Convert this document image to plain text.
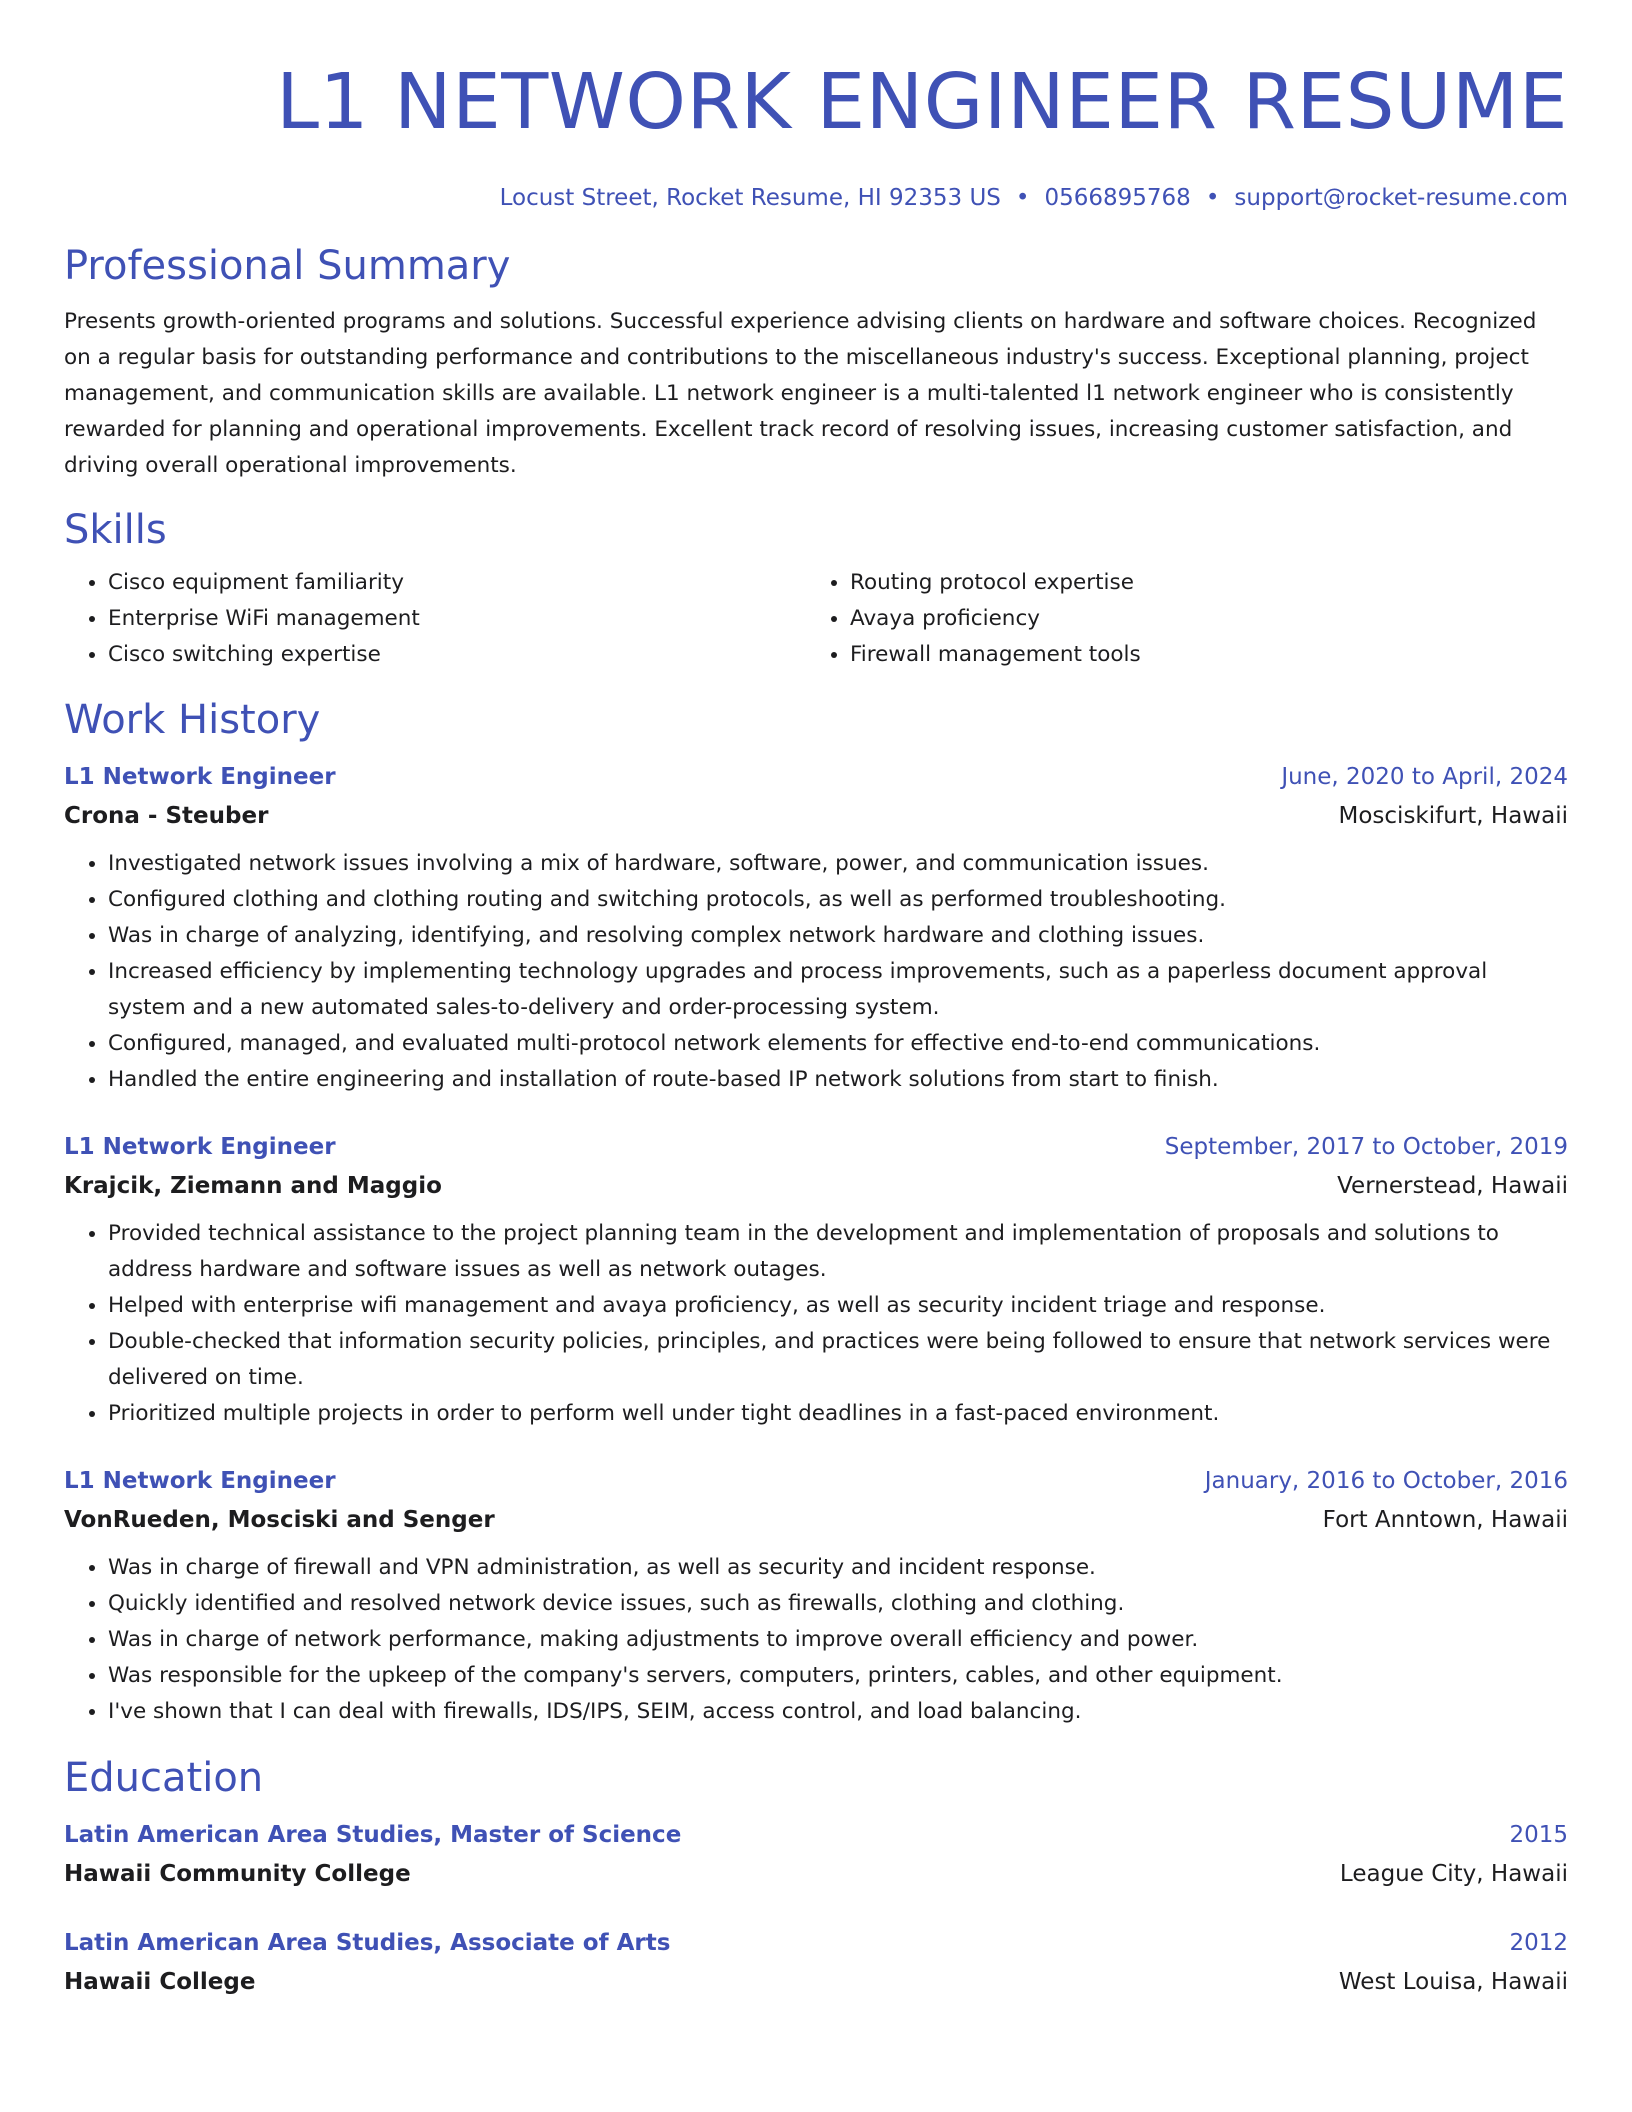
L1 NETWORK ENGINEER RESUME
Locust Street, Rocket Resume, HI 92353 US • 0566895768 • support@rocket-resume.com
Professional Summary

Presents growth-oriented programs and solutions. Successful experience advising clients on hardware and software choices. Recognized on a regular basis for outstanding performance and contributions to the miscellaneous industry's success. Exceptional planning, project management, and communication skills are available. L1 network engineer is a multi-talented l1 network engineer who is consistently rewarded for planning and operational improvements. Excellent track record of resolving issues, increasing customer satisfaction, and driving overall operational improvements.

Skills
• Cisco equipment familiarity
• Enterprise WiFi management
• Cisco switching expertise
• Routing protocol expertise
• Avaya proficiency
• Firewall management tools
Work History
L1 Network Engineer	June, 2020 to April, 2024
Crona - Steuber	Mosciskifurt, Hawaii
• Investigated network issues involving a mix of hardware, software, power, and communication issues.
• Configured clothing and clothing routing and switching protocols, as well as performed troubleshooting.
• Was in charge of analyzing, identifying, and resolving complex network hardware and clothing issues.
• Increased efficiency by implementing technology upgrades and process improvements, such as a paperless document approval system and a new automated sales-to-delivery and order-processing system.
• Configured, managed, and evaluated multi-protocol network elements for effective end-to-end communications.
• Handled the entire engineering and installation of route-based IP network solutions from start to finish.
L1 Network Engineer	September, 2017 to October, 2019
Krajcik, Ziemann and Maggio	Vernerstead, Hawaii
• Provided technical assistance to the project planning team in the development and implementation of proposals and solutions to address hardware and software issues as well as network outages.
• Helped with enterprise wifi management and avaya proficiency, as well as security incident triage and response.
• Double-checked that information security policies, principles, and practices were being followed to ensure that network services were delivered on time.
• Prioritized multiple projects in order to perform well under tight deadlines in a fast-paced environment.
L1 Network Engineer	January, 2016 to October, 2016
VonRueden, Mosciski and Senger	Fort Anntown, Hawaii
• Was in charge of firewall and VPN administration, as well as security and incident response.
• Quickly identified and resolved network device issues, such as firewalls, clothing and clothing.
• Was in charge of network performance, making adjustments to improve overall efficiency and power.
• Was responsible for the upkeep of the company's servers, computers, printers, cables, and other equipment.
• I've shown that I can deal with firewalls, IDS/IPS, SEIM, access control, and load balancing.
Education
Latin American Area Studies, Master of Science	2015
Hawaii Community College	League City, Hawaii
Latin American Area Studies, Associate of Arts	2012
Hawaii College	West Louisa, Hawaii
